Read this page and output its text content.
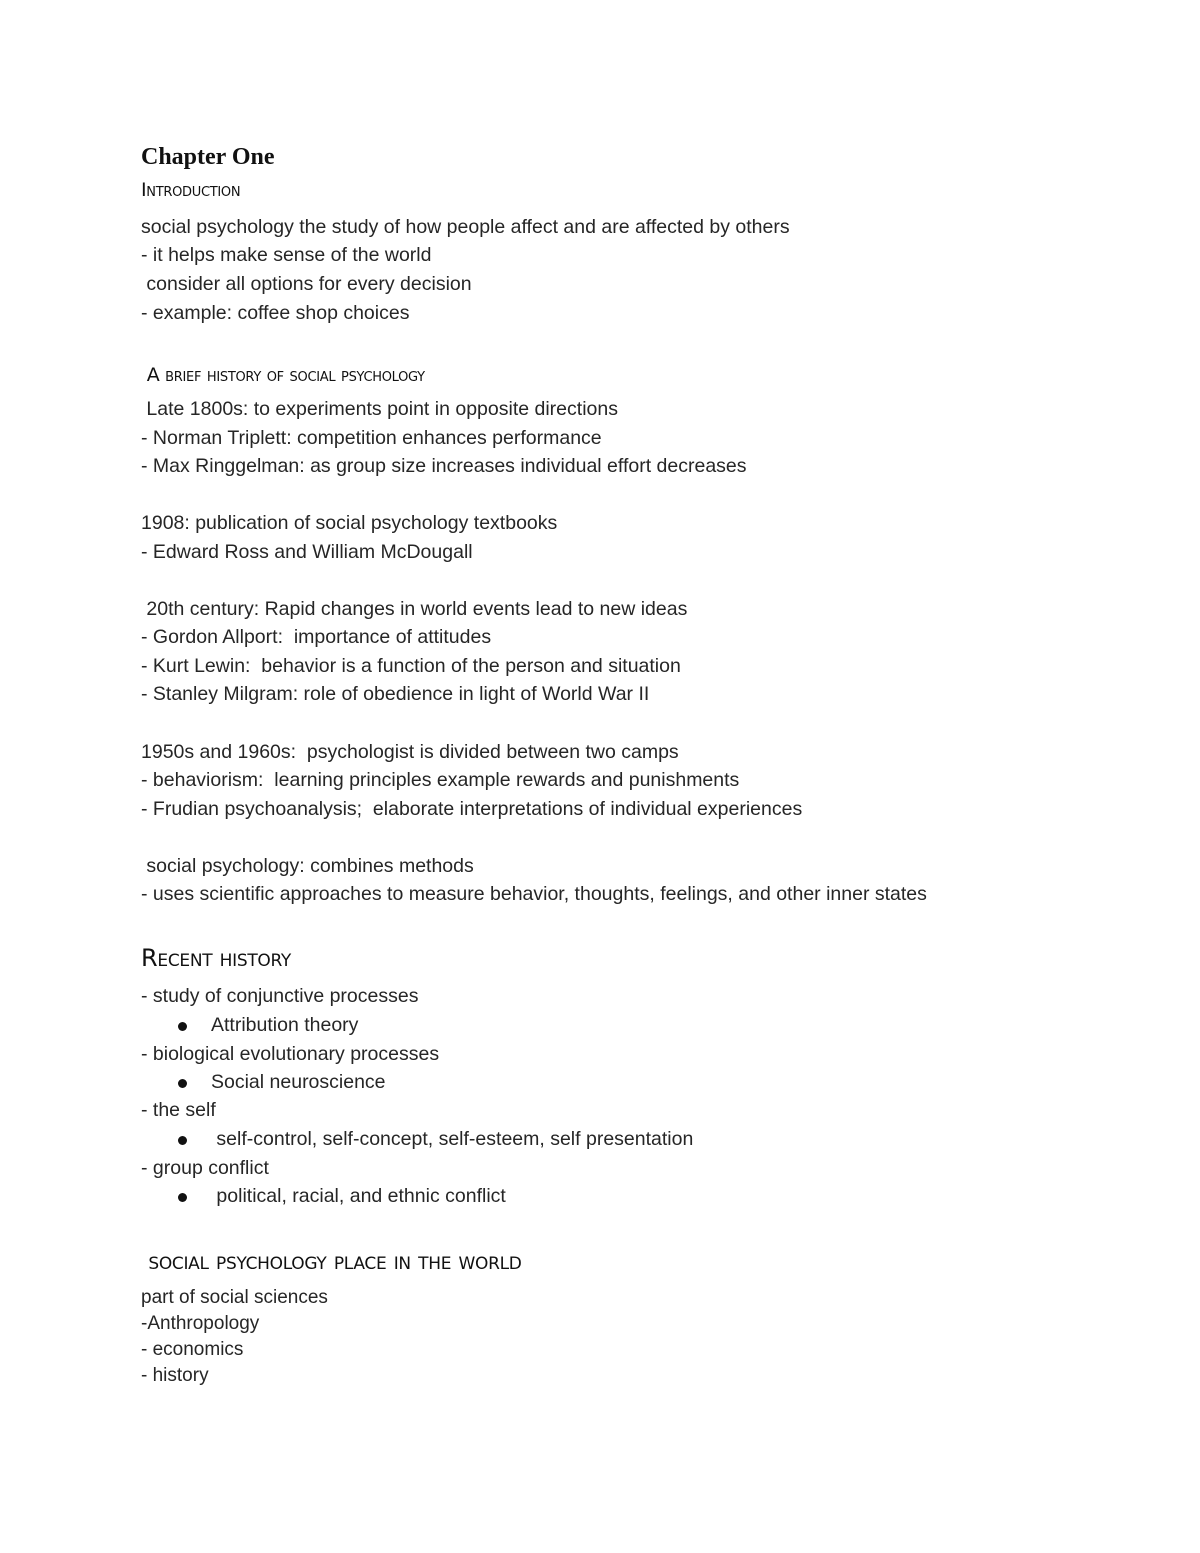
Chapter One
Introduction
social psychology the study of how people affect and are affected by others
- it helps make sense of the world
consider all options for every decision
- example: coffee shop choices
A brief history of social psychology
Late 1800s: to experiments point in opposite directions
- Norman Triplett: competition enhances performance
- Max Ringgelman: as group size increases individual effort decreases
1908: publication of social psychology textbooks
- Edward Ross and William McDougall
20th century: Rapid changes in world events lead to new ideas
- Gordon Allport:  importance of attitudes
- Kurt Lewin:  behavior is a function of the person and situation
- Stanley Milgram: role of obedience in light of World War II
1950s and 1960s:  psychologist is divided between two camps
- behaviorism:  learning principles example rewards and punishments
- Frudian psychoanalysis;  elaborate interpretations of individual experiences
social psychology: combines methods
- uses scientific approaches to measure behavior, thoughts, feelings, and other inner states
Recent history
- study of conjunctive processes
Attribution theory
- biological evolutionary processes
Social neuroscience
- the self
self-control, self-concept, self-esteem, self presentation
- group conflict
political, racial, and ethnic conflict
social psychology place in the world
part of social sciences
-Anthropology
- economics
- history
